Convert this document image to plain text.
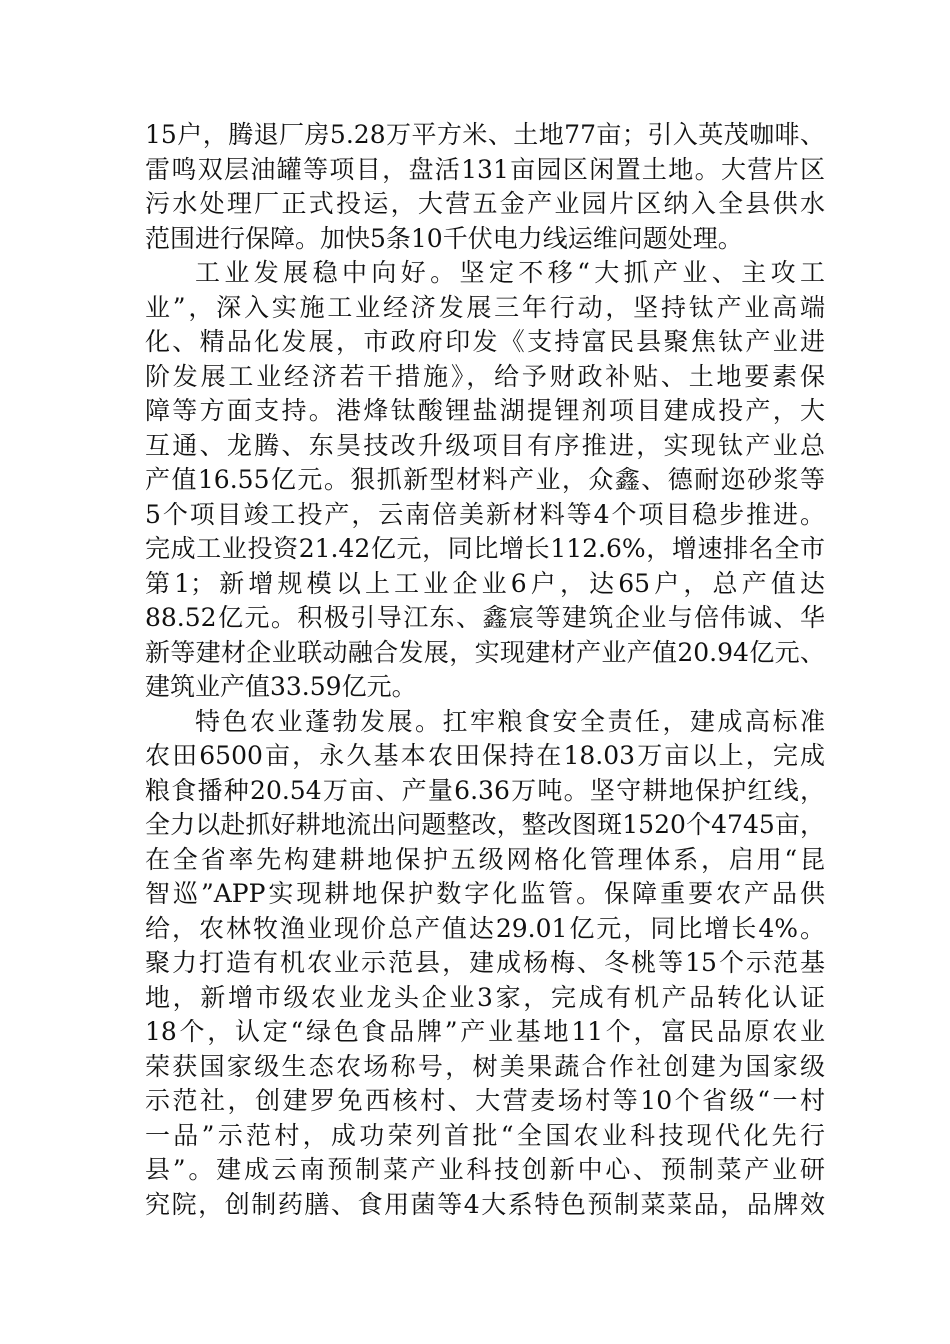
15户，腾退厂房5.28万平方米、土地77亩；引入英茂咖啡、
雷鸣双层油罐等项目，盘活131亩园区闲置土地。大营片区
污水处理厂正式投运，大营五金产业园片区纳入全县供水
范围进行保障。加快5条10千伏电力线运维问题处理。
工业发展稳中向好。坚定不移“大抓产业、主攻工
业”，深入实施工业经济发展三年行动，坚持钛产业高端
化、精品化发展，市政府印发《支持富民县聚焦钛产业进
阶发展工业经济若干措施》，给予财政补贴、土地要素保
障等方面支持。港烽钛酸锂盐湖提锂剂项目建成投产，大
互通、龙腾、东昊技改升级项目有序推进，实现钛产业总
产值16.55亿元。狠抓新型材料产业，众鑫、德耐迩砂浆等
5个项目竣工投产，云南倍美新材料等4个项目稳步推进。
完成工业投资21.42亿元，同比增长112.6%，增速排名全市
第1；新增规模以上工业企业6户，达65户，总产值达
88.52亿元。积极引导江东、鑫宸等建筑企业与倍伟诚、华
新等建材企业联动融合发展，实现建材产业产值20.94亿元、
建筑业产值33.59亿元。
特色农业蓬勃发展。扛牢粮食安全责任，建成高标准
农田6500亩，永久基本农田保持在18.03万亩以上，完成
粮食播种20.54万亩、产量6.36万吨。坚守耕地保护红线，
全力以赴抓好耕地流出问题整改，整改图斑1520个4745亩，
在全省率先构建耕地保护五级网格化管理体系，启用“昆
智巡”APP实现耕地保护数字化监管。保障重要农产品供
给，农林牧渔业现价总产值达29.01亿元，同比增长4%。
聚力打造有机农业示范县，建成杨梅、冬桃等15个示范基
地，新增市级农业龙头企业3家，完成有机产品转化认证
18个，认定“绿色食品牌”产业基地11个，富民品原农业
荣获国家级生态农场称号，树美果蔬合作社创建为国家级
示范社，创建罗免西核村、大营麦场村等10个省级“一村
一品”示范村，成功荣列首批“全国农业科技现代化先行
县”。建成云南预制菜产业科技创新中心、预制菜产业研
究院，创制药膳、食用菌等4大系特色预制菜菜品，品牌效
